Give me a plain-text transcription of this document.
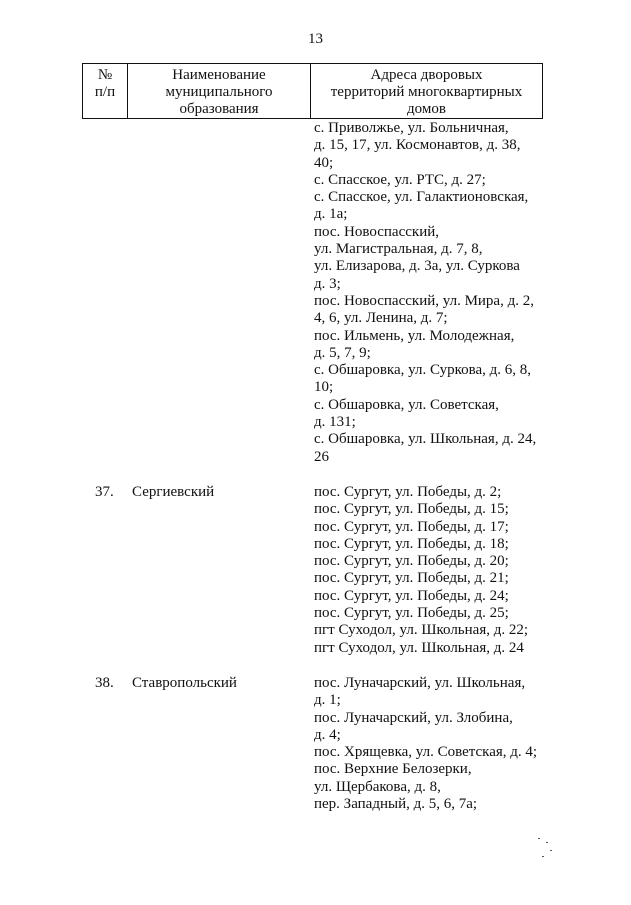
13
№
п/п
Наименование
муниципального
образования
Адреса дворовых
территорий многоквартирных
домов
с. Приволжье, ул. Больничная,
д. 15, 17, ул. Космонавтов, д. 38,
40;
с. Спасское, ул. РТС, д. 27;
с. Спасское, ул. Галактионовская,
д. 1а;
пос. Новоспасский,
ул. Магистральная, д. 7, 8,
ул. Елизарова, д. 3а, ул. Суркова
д. 3;
пос. Новоспасский, ул. Мира, д. 2,
4, 6, ул. Ленина, д. 7;
пос. Ильмень, ул. Молодежная,
д. 5, 7, 9;
с. Обшаровка, ул. Суркова, д. 6, 8,
10;
с. Обшаровка, ул. Советская,
д. 131;
с. Обшаровка, ул. Школьная, д. 24,
26
37. Сергиевский	пос. Сургут, ул. Победы, д. 2;
пос. Сургут, ул. Победы, д. 15;
пос. Сургут, ул. Победы, д. 17;
пос. Сургут, ул. Победы, д. 18;
пос. Сургут, ул. Победы, д. 20;
пос. Сургут, ул. Победы, д. 21;
пос. Сургут, ул. Победы, д. 24;
пос. Сургут, ул. Победы, д. 25;
пгт Суходол, ул. Школьная, д. 22;
пгт Суходол, ул. Школьная, д. 24
38. Ставропольский	пос. Луначарский, ул. Школьная,
д. 1;
пос. Луначарский, ул. Злобина,
д. 4;
пос. Хрящевка, ул. Советская, д. 4;
пос. Верхние Белозерки,
ул. Щербакова, д. 8,
пер. Западный, д. 5, 6, 7а;
